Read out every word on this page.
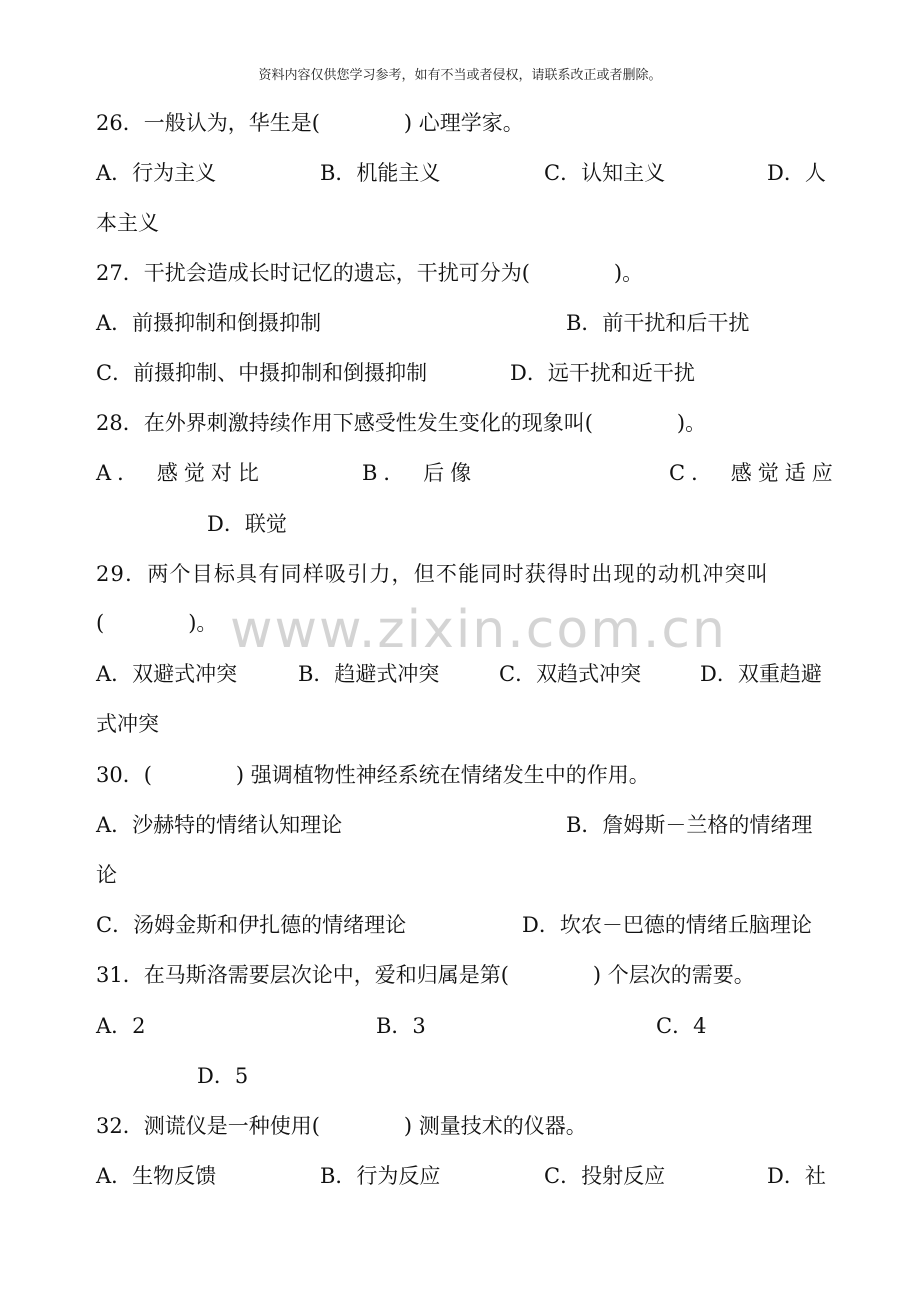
资料内容仅供您学习参考，如有不当或者侵权，请联系改正或者删除。
www.zixin.com.cn
26．一般认为，华生是(　　　　) 心理学家。
A．行为主义	B．机能主义	C．认知主义	D．人
本主义
27．干扰会造成长时记忆的遗忘，干扰可分为(　　　　)。
A．前摄抑制和倒摄抑制	B．前干扰和后干扰
C．前摄抑制、中摄抑制和倒摄抑制	D．远干扰和近干扰
28．在外界刺激持续作用下感受性发生变化的现象叫(　　　　)。
A． 感觉对比	B． 后像	C． 感觉适应
D．联觉
29．两个目标具有同样吸引力，但不能同时获得时出现的动机冲突叫
(　　　　)。
A．双避式冲突	B．趋避式冲突	C．双趋式冲突	D．双重趋避
式冲突
30．(　　　　) 强调植物性神经系统在情绪发生中的作用。
A．沙赫特的情绪认知理论	B．詹姆斯－兰格的情绪理
论
C．汤姆金斯和伊扎德的情绪理论	D．坎农－巴德的情绪丘脑理论
31．在马斯洛需要层次论中，爱和归属是第(　　　　) 个层次的需要。
A．2	B．3	C．4
D．5
32．测谎仪是一种使用(　　　　) 测量技术的仪器。
A．生物反馈	B．行为反应	C．投射反应	D．社
